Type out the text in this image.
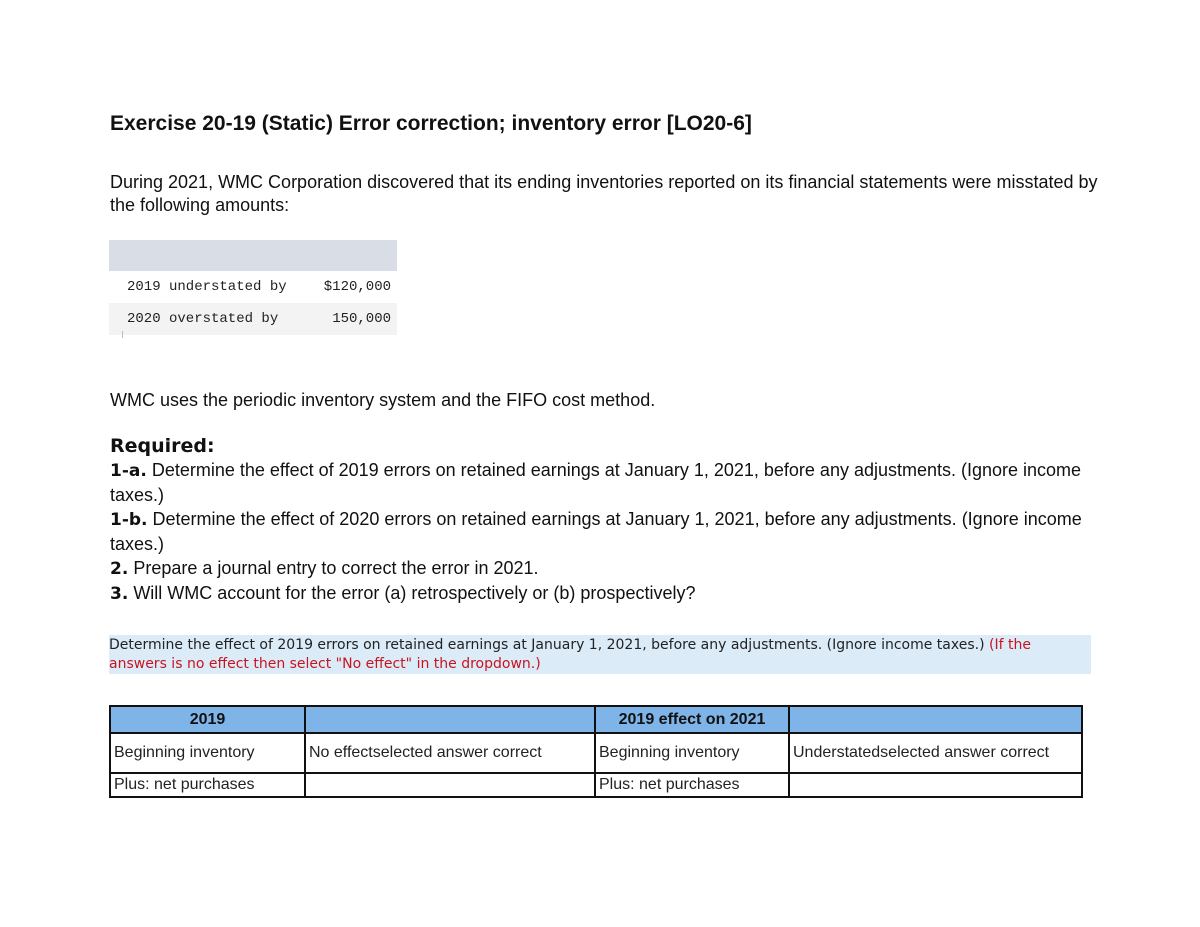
Exercise 20-19 (Static) Error correction; inventory error [LO20-6]

During 2021, WMC Corporation discovered that its ending inventories reported on its financial statements were misstated by the following amounts:

2019 understated by	$120,000
2020 overstated by	150,000

WMC uses the periodic inventory system and the FIFO cost method.

Required:
1-a. Determine the effect of 2019 errors on retained earnings at January 1, 2021, before any adjustments. (Ignore income taxes.)
1-b. Determine the effect of 2020 errors on retained earnings at January 1, 2021, before any adjustments. (Ignore income taxes.)
2. Prepare a journal entry to correct the error in 2021.
3. Will WMC account for the error (a) retrospectively or (b) prospectively?
Determine the effect of 2019 errors on retained earnings at January 1, 2021, before any adjustments. (Ignore income taxes.) (If the answers is no effect then select "No effect" in the dropdown.)
2019		2019 effect on 2021	
Beginning inventory	No effectselected answer correct	Beginning inventory	Understatedselected answer correct
Plus: net purchases		Plus: net purchases	
